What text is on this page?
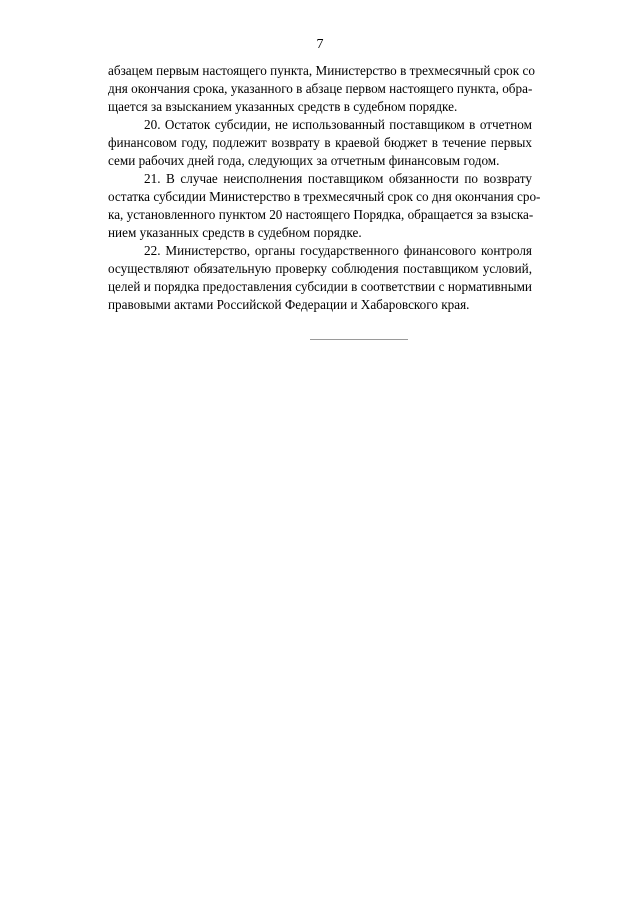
7
абзацем первым настоящего пункта, Министерство в трехмесячный срок со
дня окончания срока, указанного в абзаце первом настоящего пункта, обра-
щается за взысканием указанных средств в судебном порядке.
20. Остаток субсидии, не использованный поставщиком в отчетном
финансовом году, подлежит возврату в краевой бюджет в течение первых
семи рабочих дней года, следующих за отчетным финансовым годом.
21. В случае неисполнения поставщиком обязанности по возврату
остатка субсидии Министерство в трехмесячный срок со дня окончания сро-
ка, установленного пунктом 20 настоящего Порядка, обращается за взыска-
нием указанных средств в судебном порядке.
22. Министерство, органы государственного финансового контроля
осуществляют обязательную проверку соблюдения поставщиком условий,
целей и порядка предоставления субсидии в соответствии с нормативными
правовыми актами Российской Федерации и Хабаровского края.
